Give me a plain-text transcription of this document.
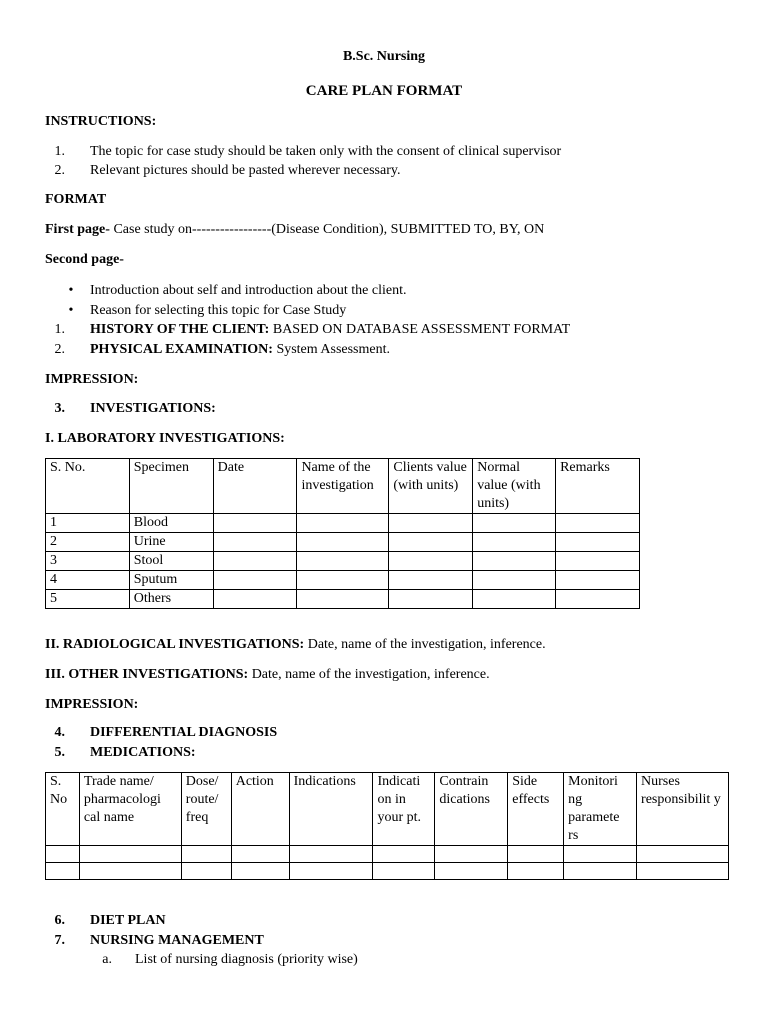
B.Sc. Nursing
CARE PLAN FORMAT
INSTRUCTIONS:
1. The topic for case study should be taken only with the consent of clinical supervisor
2. Relevant pictures should be pasted wherever necessary.
FORMAT
First page- Case study on-----------------(Disease Condition), SUBMITTED TO, BY, ON
Second page-
•	Introduction about self and introduction about the client.
•	Reason for selecting this topic for Case Study
1. HISTORY OF THE CLIENT: BASED ON DATABASE ASSESSMENT FORMAT
2. PHYSICAL EXAMINATION: System Assessment.
IMPRESSION:
3. INVESTIGATIONS:
I. LABORATORY INVESTIGATIONS:
S. No.	Specimen	Date	Name of the investigation	Clients value (with units)	Normal value (with units)	Remarks
1	Blood					
2	Urine					
3	Stool					
4	Sputum					
5	Others					
II. RADIOLOGICAL INVESTIGATIONS: Date, name of the investigation, inference.
III. OTHER INVESTIGATIONS: Date, name of the investigation, inference.
IMPRESSION:
4. DIFFERENTIAL DIAGNOSIS
5. MEDICATIONS:
S. No	Trade name/ pharmacologi cal name	Dose/ route/ freq	Action	Indications	Indicati on in your pt.	Contrain dications	Side effects	Monitori ng paramete rs	Nurses responsibilit y

6. DIET PLAN
7. NURSING MANAGEMENT
a. List of nursing diagnosis (priority wise)
